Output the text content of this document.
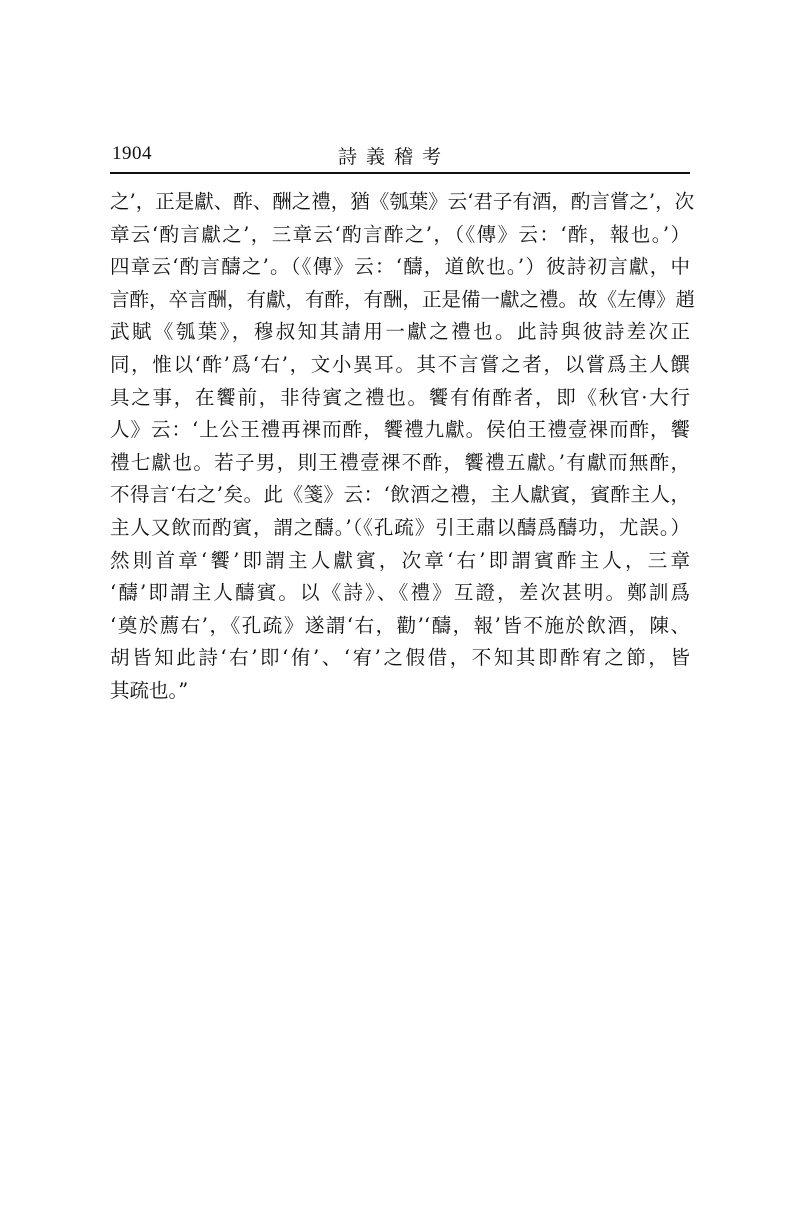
1904	詩義稽考
之’，正是獻、酢、酬之禮，猶《瓠葉》云‘君子有酒，酌言嘗之’，次
章云‘酌言獻之’，三章云‘酌言酢之’，（《傳》云：‘酢，報也。’）
四章云‘酌言醻之’。（《傳》云：‘醻，道飲也。’）彼詩初言獻，中
言酢，卒言酬，有獻，有酢，有酬，正是備一獻之禮。故《左傳》趙
武賦《瓠葉》，穆叔知其請用一獻之禮也。此詩與彼詩差次正
同，惟以‘酢’爲‘右’，文小異耳。其不言嘗之者，以嘗爲主人饌
具之事，在饗前，非待賓之禮也。饗有侑酢者，即《秋官·大行
人》云：‘上公王禮再祼而酢，饗禮九獻。侯伯王禮壹祼而酢，饗
禮七獻也。若子男，則王禮壹祼不酢，饗禮五獻。’有獻而無酢，
不得言‘右之’矣。此《箋》云：‘飲酒之禮，主人獻賓，賓酢主人，
主人又飲而酌賓，謂之醻。’（《孔疏》引王肅以醻爲醻功，尤誤。）
然則首章‘饗’即謂主人獻賓，次章‘右’即謂賓酢主人，三章
‘醻’即謂主人醻賓。以《詩》、《禮》互證，差次甚明。鄭訓爲
‘奠於薦右’，《孔疏》遂謂‘右，勸’‘醻，報’皆不施於飲酒，陳、
胡皆知此詩‘右’即‘侑’、‘宥’之假借，不知其即酢宥之節，皆
其疏也。”
